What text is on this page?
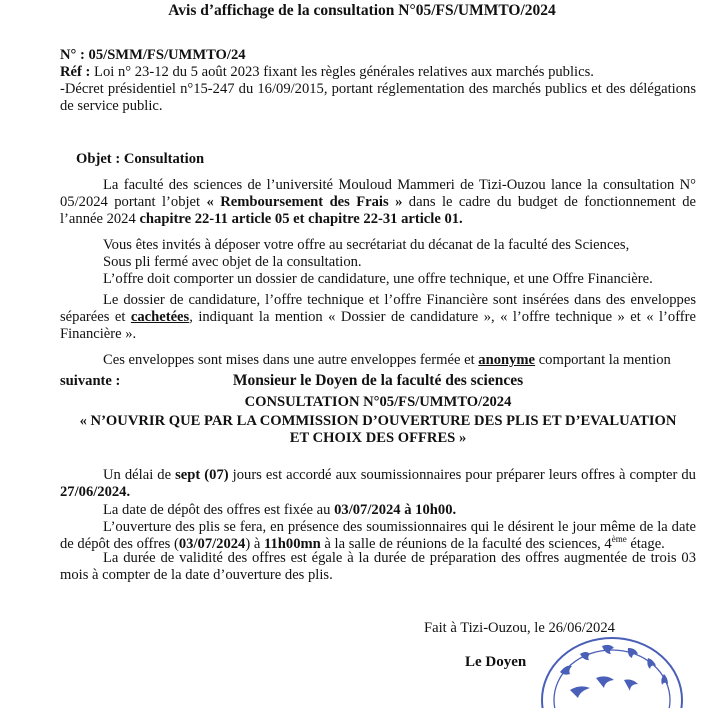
Avis d’affichage de la consultation N°05/FS/UMMTO/2024
N° : 05/SMM/FS/UMMTO/24
Réf : Loi n° 23-12 du 5 août 2023 fixant les règles générales relatives aux marchés publics.
-Décret présidentiel n°15-247 du 16/09/2015, portant réglementation des marchés publics et des délégations de service public.
Objet : Consultation
La faculté des sciences de l’université Mouloud Mammeri de Tizi-Ouzou lance la consultation N° 05/2024 portant l’objet « Remboursement des Frais » dans le cadre du budget de fonctionnement de l’année 2024 chapitre 22-11 article 05 et chapitre 22-31 article 01.
Vous êtes invités à déposer votre offre au secrétariat du décanat de la faculté des Sciences,
Sous pli fermé avec objet de la consultation.
L’offre doit comporter un dossier de candidature, une offre technique, et une Offre Financière.
Le dossier de candidature, l’offre technique et l’offre Financière sont insérées dans des enveloppes séparées et cachetées, indiquant la mention « Dossier de candidature », « l’offre technique » et « l’offre Financière ».
Ces enveloppes sont mises dans une autre enveloppes fermée et anonyme comportant la mention
suivante :	Monsieur le Doyen de la faculté des sciences
CONSULTATION N°05/FS/UMMTO/2024
« N’OUVRIR QUE PAR LA COMMISSION D’OUVERTURE DES PLIS ET D’EVALUATION
ET CHOIX DES OFFRES »
Un délai de sept (07) jours est accordé aux soumissionnaires pour préparer leurs offres à compter du 27/06/2024.
La date de dépôt des offres est fixée au 03/07/2024 à 10h00.
L’ouverture des plis se fera, en présence des soumissionnaires qui le désirent le jour même de la date de dépôt des offres (03/07/2024) à 11h00mn à la salle de réunions de la faculté des sciences, 4ème étage.
La durée de validité des offres est égale à la durée de préparation des offres augmentée de trois 03 mois à compter de la date d’ouverture des plis.
Fait à Tizi-Ouzou, le 26/06/2024
Le Doyen
